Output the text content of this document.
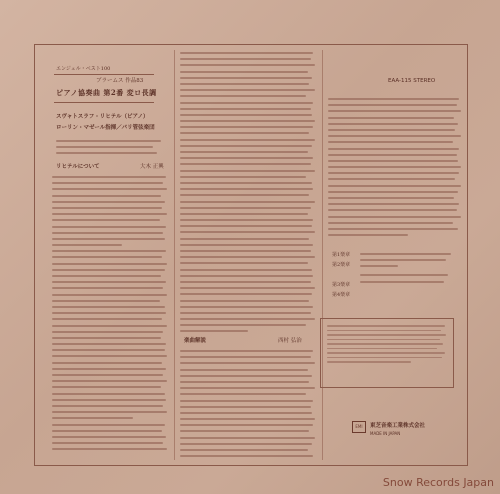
EAA-115 STEREO
エンジェル・ベスト100
ブラームス 作品83
ピアノ協奏曲 第2番 変ロ長調
スヴャトスラフ・リヒテル（ピアノ）
ローリン・マゼール指揮／パリ管弦楽団
リヒテルについて	大木 正興
楽曲解説	西村 弘治
第1楽章
第2楽章
第3楽章
第4楽章
EMI	東芝音楽工業株式会社
MADE IN JAPAN
Snow Records Japan
